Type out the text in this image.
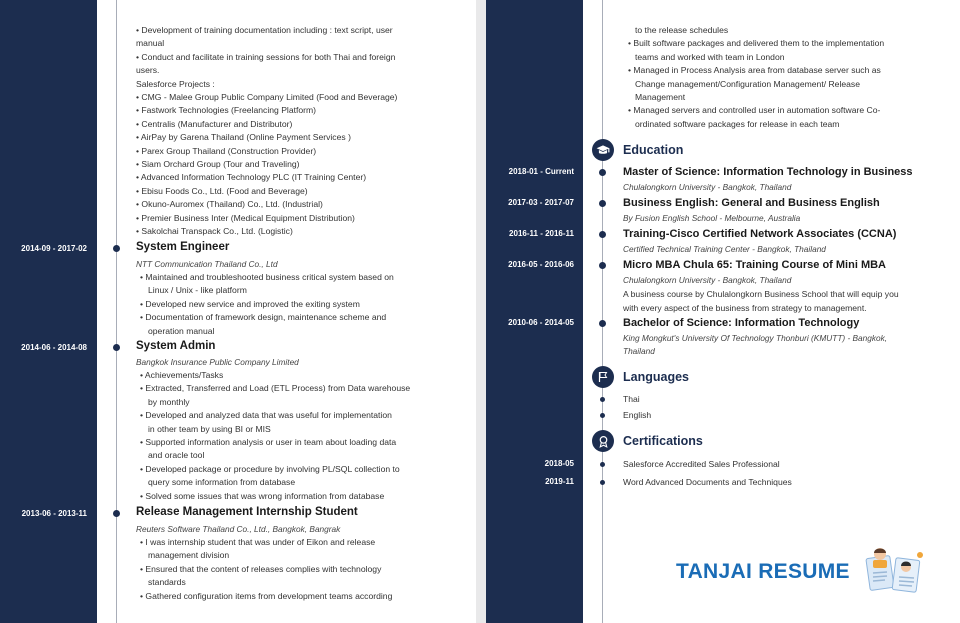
• Development of training documentation including : text script, user
manual
• Conduct and facilitate in training sessions for both Thai and foreign
users.
Salesforce Projects :
• CMG - Malee Group Public Company Limited (Food and Beverage)
• Fastwork Technologies (Freelancing Platform)
• Centralis (Manufacturer and Distributor)
• AirPay by Garena Thailand (Online Payment Services )
• Parex Group Thailand (Construction Provider)
• Siam Orchard Group (Tour and Traveling)
• Advanced Information Technology PLC (IT Training Center)
• Ebisu Foods Co., Ltd. (Food and Beverage)
• Okuno-Auromex (Thailand) Co., Ltd. (Industrial)
• Premier Business Inter (Medical Equipment Distribution)
• Sakolchai Transpack Co., Ltd. (Logistic)
2014-09 - 2017-02	System Engineer
NTT Communication Thailand Co., Ltd
• Maintained and troubleshooted business critical system based on
Linux / Unix - like platform
• Developed new service and improved the exiting system
• Documentation of framework design, maintenance scheme and
operation manual
2014-06 - 2014-08	System Admin
Bangkok Insurance Public Company Limited
• Achievements/Tasks
• Extracted, Transferred and Load (ETL Process) from Data warehouse
by monthly
• Developed and analyzed data that was useful for implementation
in other team by using BI or MIS
• Supported information analysis or user in team about loading data
and oracle tool
• Developed package or procedure by involving PL/SQL collection to
query some information from database
• Solved some issues that was wrong information from database
2013-06 - 2013-11	Release Management Internship Student
Reuters Software Thailand Co., Ltd., Bangkok, Bangrak
• I was internship student that was under of Eikon and release
management division
• Ensured that the content of releases complies with technology
standards
• Gathered configuration items from development teams according
to the release schedules
• Built software packages and delivered them to the implementation
teams and worked with team in London
• Managed in Process Analysis area from database server such as
Change management/Configuration Management/ Release
Management
• Managed servers and controlled user in automation software Co-
ordinated software packages for release in each team
Education
2018-01 - Current	Master of Science: Information Technology in Business
Chulalongkorn University - Bangkok, Thailand
2017-03 - 2017-07	Business English: General and Business English
By Fusion English School - Melbourne, Australia
2016-11 - 2016-11	Training-Cisco Certified Network Associates (CCNA)
Certified Technical Training Center - Bangkok, Thailand
2016-05 - 2016-06	Micro MBA Chula 65: Training Course of Mini MBA
Chulalongkorn University - Bangkok, Thailand
A business course by Chulalongkorn Business School that will equip you
with every aspect of the business from strategy to management.
2010-06 - 2014-05	Bachelor of Science: Information Technology
King Mongkut's University Of Technology Thonburi (KMUTT) - Bangkok,
Thailand
Languages
Thai
English
Certifications
2018-05	Salesforce Accredited Sales Professional
2019-11	Word Advanced Documents and Techniques
TANJAI RESUME
